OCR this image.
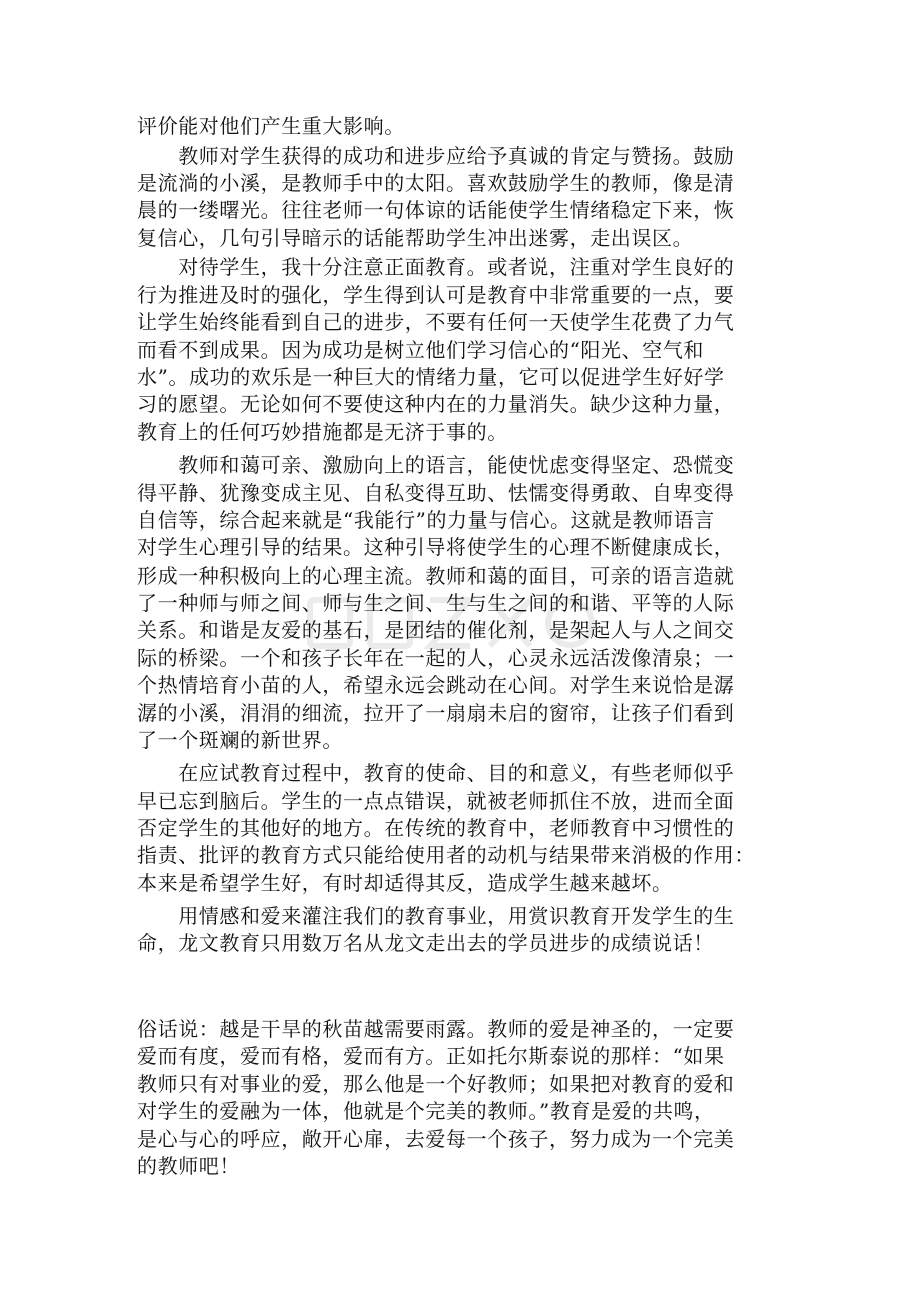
评价能对他们产生重大影响。
　　教师对学生获得的成功和进步应给予真诚的肯定与赞扬。鼓励
是流淌的小溪，是教师手中的太阳。喜欢鼓励学生的教师，像是清
晨的一缕曙光。往往老师一句体谅的话能使学生情绪稳定下来，恢
复信心，几句引导暗示的话能帮助学生冲出迷雾，走出误区。
　　对待学生，我十分注意正面教育。或者说，注重对学生良好的
行为推进及时的强化，学生得到认可是教育中非常重要的一点，要
让学生始终能看到自己的进步，不要有任何一天使学生花费了力气
而看不到成果。因为成功是树立他们学习信心的“阳光、空气和
水”。成功的欢乐是一种巨大的情绪力量，它可以促进学生好好学
习的愿望。无论如何不要使这种内在的力量消失。缺少这种力量，
教育上的任何巧妙措施都是无济于事的。
　　教师和蔼可亲、激励向上的语言，能使忧虑变得坚定、恐慌变
得平静、犹豫变成主见、自私变得互助、怯懦变得勇敢、自卑变得
自信等，综合起来就是“我能行”的力量与信心。这就是教师语言
对学生心理引导的结果。这种引导将使学生的心理不断健康成长，
形成一种积极向上的心理主流。教师和蔼的面目，可亲的语言造就
了一种师与师之间、师与生之间、生与生之间的和谐、平等的人际
关系。和谐是友爱的基石，是团结的催化剂，是架起人与人之间交
际的桥梁。一个和孩子长年在一起的人，心灵永远活泼像清泉；一
个热情培育小苗的人，希望永远会跳动在心间。对学生来说恰是潺
潺的小溪，涓涓的细流，拉开了一扇扇未启的窗帘，让孩子们看到
了一个斑斓的新世界。
　　在应试教育过程中，教育的使命、目的和意义，有些老师似乎
早已忘到脑后。学生的一点点错误，就被老师抓住不放，进而全面
否定学生的其他好的地方。在传统的教育中，老师教育中习惯性的
指责、批评的教育方式只能给使用者的动机与结果带来消极的作用：
本来是希望学生好，有时却适得其反，造成学生越来越坏。
　　用情感和爱来灌注我们的教育事业，用赏识教育开发学生的生
命，龙文教育只用数万名从龙文走出去的学员进步的成绩说话！
俗话说：越是干旱的秋苗越需要雨露。教师的爱是神圣的，一定要
爱而有度，爱而有格，爱而有方。正如托尔斯泰说的那样：“如果
教师只有对事业的爱，那么他是一个好教师；如果把对教育的爱和
对学生的爱融为一体，他就是个完美的教师。”教育是爱的共鸣，
是心与心的呼应，敞开心扉，去爱每一个孩子，努力成为一个完美
的教师吧！
